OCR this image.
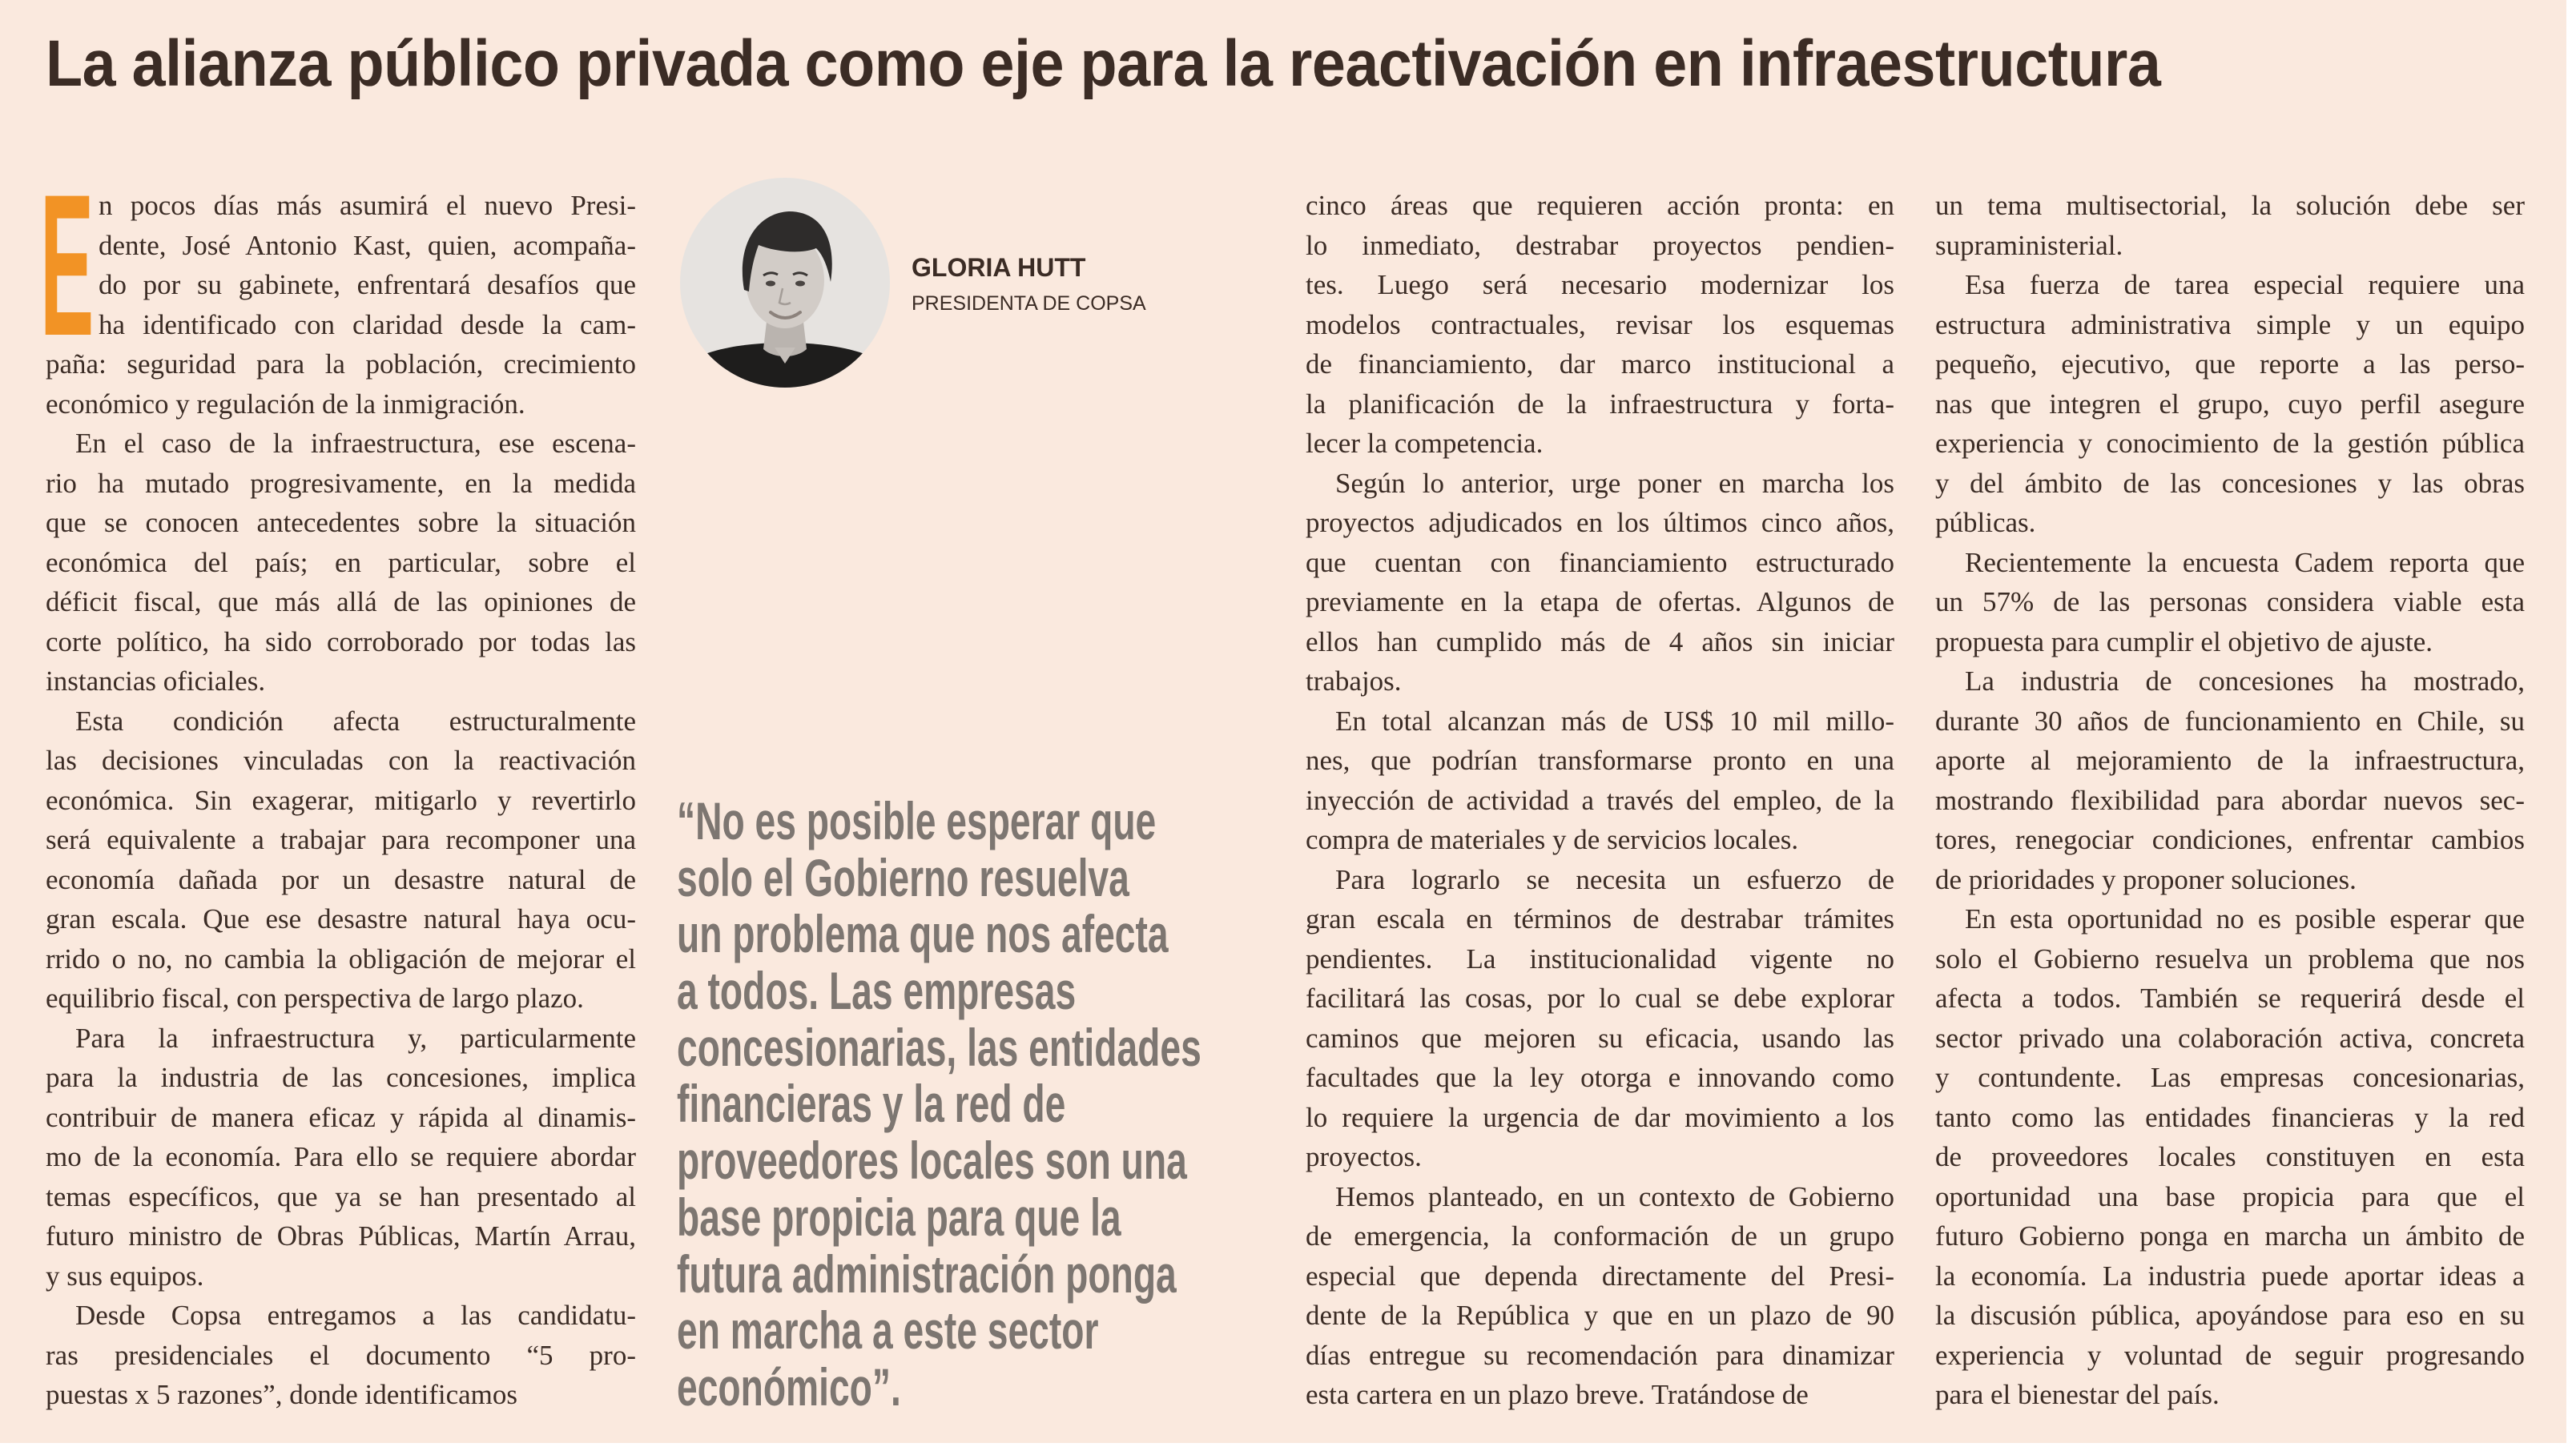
La alianza público privada como eje para la reactivación en infraestructura
E n pocos días más asumirá el nuevo Presi-
dente, José Antonio Kast, quien, acompaña-
do por su gabinete, enfrentará desafíos que
ha identificado con claridad desde la cam-
paña: seguridad para la población, crecimiento
económico y regulación de la inmigración.
En el caso de la infraestructura, ese escena-
rio ha mutado progresivamente, en la medida
que se conocen antecedentes sobre la situación
económica del país; en particular, sobre el
déficit fiscal, que más allá de las opiniones de
corte político, ha sido corroborado por todas las
instancias oficiales.
Esta condición afecta estructuralmente
las decisiones vinculadas con la reactivación
económica. Sin exagerar, mitigarlo y revertirlo
será equivalente a trabajar para recomponer una
economía dañada por un desastre natural de
gran escala. Que ese desastre natural haya ocu-
rrido o no, no cambia la obligación de mejorar el
equilibrio fiscal, con perspectiva de largo plazo.
Para la infraestructura y, particularmente
para la industria de las concesiones, implica
contribuir de manera eficaz y rápida al dinamis-
mo de la economía. Para ello se requiere abordar
temas específicos, que ya se han presentado al
futuro ministro de Obras Públicas, Martín Arrau,
y sus equipos.
Desde Copsa entregamos a las candidatu-
ras presidenciales el documento “5 pro-
puestas x 5 razones”, donde identificamos
GLORIA HUTT
PRESIDENTA DE COPSA
“No es posible esperar que
solo el Gobierno resuelva
un problema que nos afecta
a todos. Las empresas
concesionarias, las entidades
financieras y la red de
proveedores locales son una
base propicia para que la
futura administración ponga
en marcha a este sector
económico”.
cinco áreas que requieren acción pronta: en
lo inmediato, destrabar proyectos pendien-
tes. Luego será necesario modernizar los
modelos contractuales, revisar los esquemas
de financiamiento, dar marco institucional a
la planificación de la infraestructura y forta-
lecer la competencia.
Según lo anterior, urge poner en marcha los
proyectos adjudicados en los últimos cinco años,
que cuentan con financiamiento estructurado
previamente en la etapa de ofertas. Algunos de
ellos han cumplido más de 4 años sin iniciar
trabajos.
En total alcanzan más de US$ 10 mil millo-
nes, que podrían transformarse pronto en una
inyección de actividad a través del empleo, de la
compra de materiales y de servicios locales.
Para lograrlo se necesita un esfuerzo de
gran escala en términos de destrabar trámites
pendientes. La institucionalidad vigente no
facilitará las cosas, por lo cual se debe explorar
caminos que mejoren su eficacia, usando las
facultades que la ley otorga e innovando como
lo requiere la urgencia de dar movimiento a los
proyectos.
Hemos planteado, en un contexto de Gobierno
de emergencia, la conformación de un grupo
especial que dependa directamente del Presi-
dente de la República y que en un plazo de 90
días entregue su recomendación para dinamizar
esta cartera en un plazo breve. Tratándose de
un tema multisectorial, la solución debe ser
supraministerial.
Esa fuerza de tarea especial requiere una
estructura administrativa simple y un equipo
pequeño, ejecutivo, que reporte a las perso-
nas que integren el grupo, cuyo perfil asegure
experiencia y conocimiento de la gestión pública
y del ámbito de las concesiones y las obras
públicas.
Recientemente la encuesta Cadem reporta que
un 57% de las personas considera viable esta
propuesta para cumplir el objetivo de ajuste.
La industria de concesiones ha mostrado,
durante 30 años de funcionamiento en Chile, su
aporte al mejoramiento de la infraestructura,
mostrando flexibilidad para abordar nuevos sec-
tores, renegociar condiciones, enfrentar cambios
de prioridades y proponer soluciones.
En esta oportunidad no es posible esperar que
solo el Gobierno resuelva un problema que nos
afecta a todos. También se requerirá desde el
sector privado una colaboración activa, concreta
y contundente. Las empresas concesionarias,
tanto como las entidades financieras y la red
de proveedores locales constituyen en esta
oportunidad una base propicia para que el
futuro Gobierno ponga en marcha un ámbito de
la economía. La industria puede aportar ideas a
la discusión pública, apoyándose para eso en su
experiencia y voluntad de seguir progresando
para el bienestar del país.
